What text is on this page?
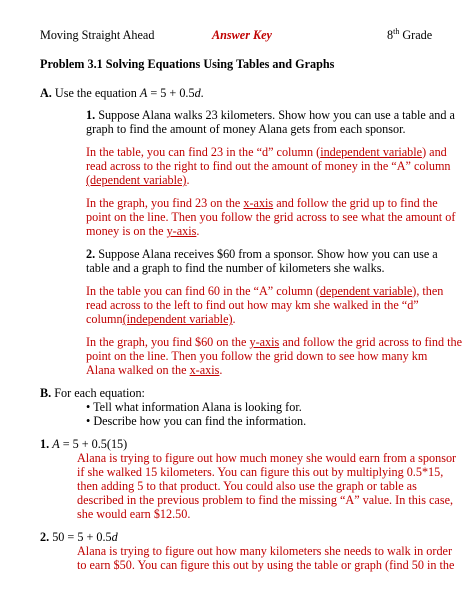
Moving Straight Ahead	Answer Key	8th Grade
Problem 3.1 Solving Equations Using Tables and Graphs
A. Use the equation A = 5 + 0.5d.
1. Suppose Alana walks 23 kilometers. Show how you can use a table and a
graph to find the amount of money Alana gets from each sponsor.
In the table, you can find 23 in the “d” column (independent variable) and
read across to the right to find out the amount of money in the “A” column
(dependent variable).
In the graph, you find 23 on the x-axis and follow the grid up to find the
point on the line. Then you follow the grid across to see what the amount of
money is on the y-axis.
2. Suppose Alana receives $60 from a sponsor. Show how you can use a
table and a graph to find the number of kilometers she walks.
In the table you can find 60 in the “A” column (dependent variable), then
read across to the left to find out how may km she walked in the “d”
column(independent variable).
In the graph, you find $60 on the y-axis and follow the grid across to find the
point on the line. Then you follow the grid down to see how many km
Alana walked on the x-axis.
B. For each equation:
• Tell what information Alana is looking for.
• Describe how you can find the information.
1. A = 5 + 0.5(15)
Alana is trying to figure out how much money she would earn from a sponsor
if she walked 15 kilometers. You can figure this out by multiplying 0.5*15,
then adding 5 to that product. You could also use the graph or table as
described in the previous problem to find the missing “A” value. In this case,
she would earn $12.50.
2. 50 = 5 + 0.5d
Alana is trying to figure out how many kilometers she needs to walk in order
to earn $50. You can figure this out by using the table or graph (find 50 in the
